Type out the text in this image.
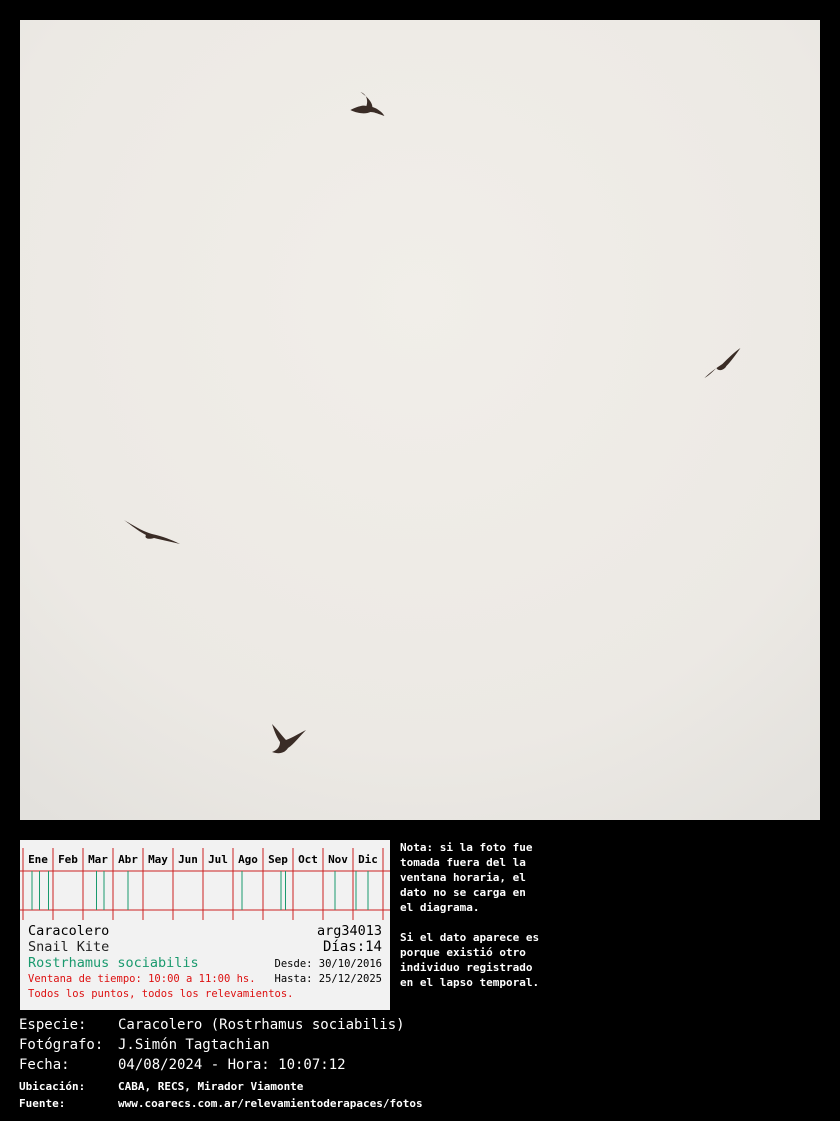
Ene Feb Mar Abr May Jun Jul Ago Sep Oct Nov Dic
Caracolero
Snail Kite
Rostrhamus sociabilis
arg34013
Días:14
Desde: 30/10/2016
Hasta: 25/12/2025
Ventana de tiempo: 10:00 a 11:00 hs.
Todos los puntos, todos los relevamientos.

Nota: si la foto fue
tomada fuera del la
ventana horaria, el
dato no se carga en
el diagrama.

Si el dato aparece es
porque existió otro
individuo registrado
en el lapso temporal.

Especie: Caracolero (Rostrhamus sociabilis)
Fotógrafo: J.Simón Tagtachian
Fecha:	04/08/2024 - Hora: 10:07:12
Ubicación:	CABA, RECS, Mirador Viamonte
Fuente:	www.coarecs.com.ar/relevamientoderapaces/fotos
